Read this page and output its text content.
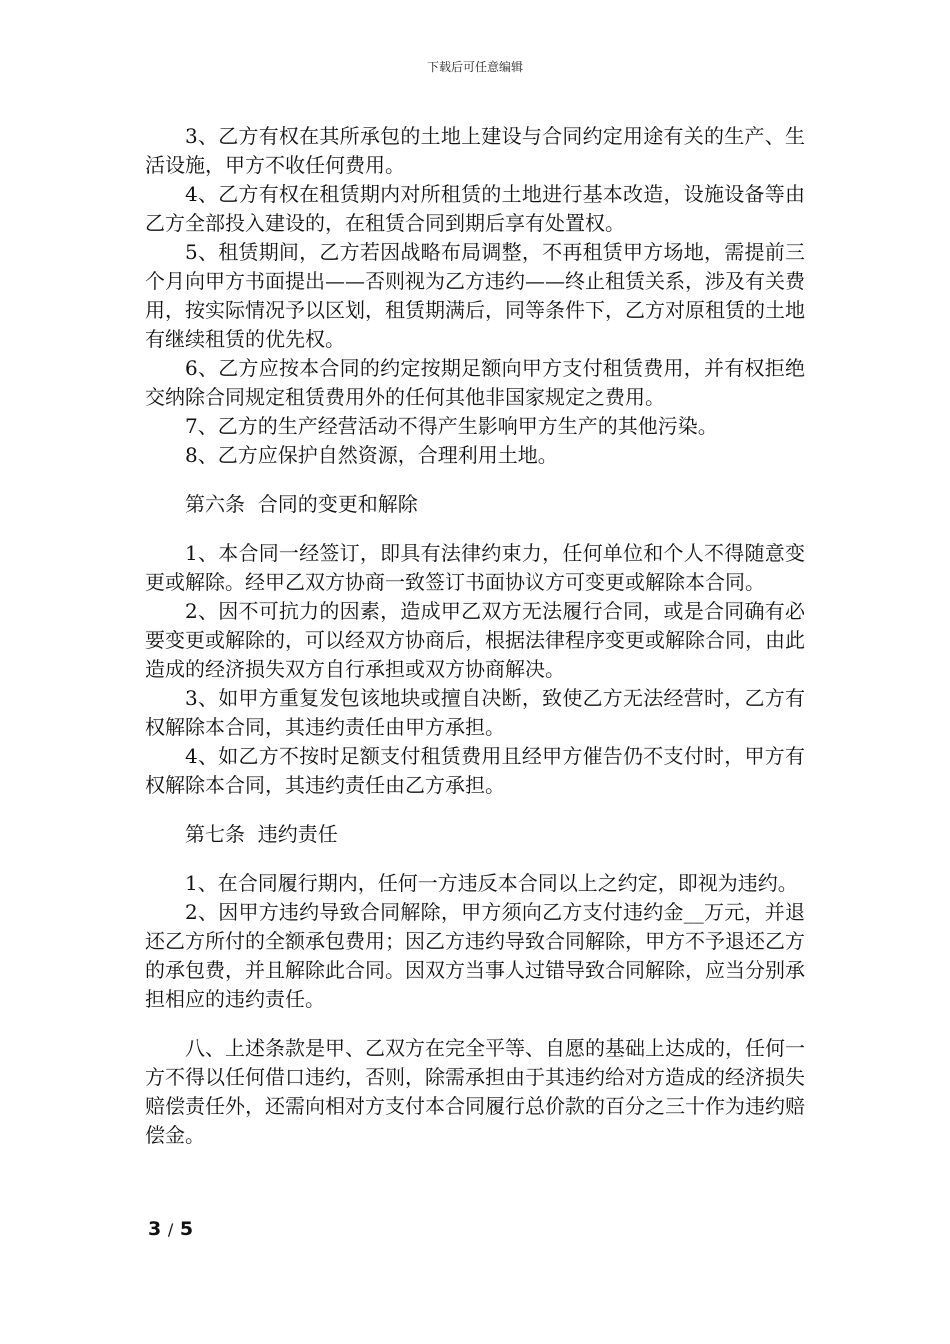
下载后可任意编辑

3、乙方有权在其所承包的土地上建设与合同约定用途有关的生产、生活设施，甲方不收任何费用。

4、乙方有权在租赁期内对所租赁的土地进行基本改造，设施设备等由乙方全部投入建设的，在租赁合同到期后享有处置权。

5、租赁期间，乙方若因战略布局调整，不再租赁甲方场地，需提前三个月向甲方书面提出——否则视为乙方违约——终止租赁关系，涉及有关费用，按实际情况予以区划，租赁期满后，同等条件下，乙方对原租赁的土地有继续租赁的优先权。

6、乙方应按本合同的约定按期足额向甲方支付租赁费用，并有权拒绝交纳除合同规定租赁费用外的任何其他非国家规定之费用。

7、乙方的生产经营活动不得产生影响甲方生产的其他污染。

8、乙方应保护自然资源，合理利用土地。

第六条  合同的变更和解除

1、本合同一经签订，即具有法律约束力，任何单位和个人不得随意变更或解除。经甲乙双方协商一致签订书面协议方可变更或解除本合同。

2、因不可抗力的因素，造成甲乙双方无法履行合同，或是合同确有必要变更或解除的，可以经双方协商后，根据法律程序变更或解除合同，由此造成的经济损失双方自行承担或双方协商解决。

3、如甲方重复发包该地块或擅自决断，致使乙方无法经营时，乙方有权解除本合同，其违约责任由甲方承担。

4、如乙方不按时足额支付租赁费用且经甲方催告仍不支付时，甲方有权解除本合同，其违约责任由乙方承担。

第七条  违约责任

1、在合同履行期内，任何一方违反本合同以上之约定，即视为违约。

2、因甲方违约导致合同解除，甲方须向乙方支付违约金__万元，并退还乙方所付的全额承包费用；因乙方违约导致合同解除，甲方不予退还乙方的承包费，并且解除此合同。因双方当事人过错导致合同解除，应当分别承担相应的违约责任。

八、上述条款是甲、乙双方在完全平等、自愿的基础上达成的，任何一方不得以任何借口违约，否则，除需承担由于其违约给对方造成的经济损失赔偿责任外，还需向相对方支付本合同履行总价款的百分之三十作为违约赔偿金。

3 / 5
